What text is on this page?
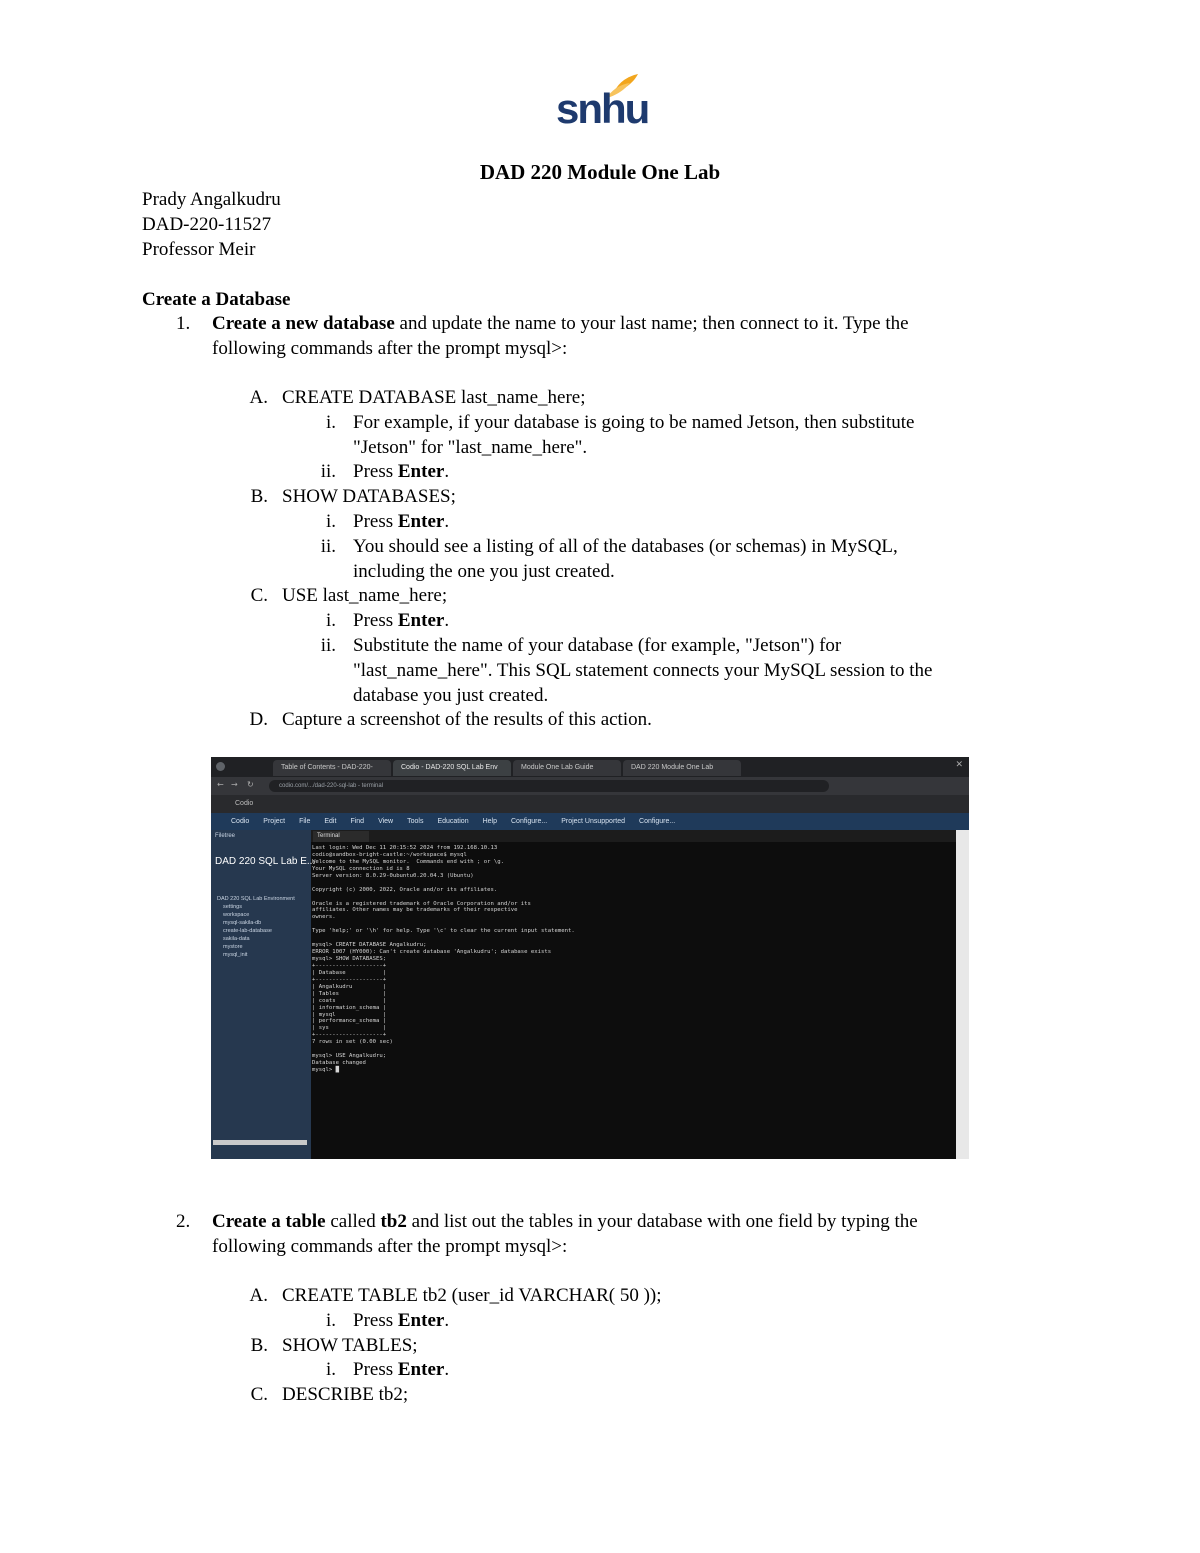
snhu
DAD 220 Module One Lab
Prady Angalkudru
DAD-220-11527
Professor Meir
Create a Database
1. Create a new database and update the name to your last name; then connect to it. Type the
following commands after the prompt mysql>:
A. CREATE DATABASE last_name_here;
i. For example, if your database is going to be named Jetson, then substitute
"Jetson" for "last_name_here".
ii. Press Enter.
B. SHOW DATABASES;
i. Press Enter.
ii. You should see a listing of all of the databases (or schemas) in MySQL,
including the one you just created.
C. USE last_name_here;
i. Press Enter.
ii. Substitute the name of your database (for example, "Jetson") for
"last_name_here". This SQL statement connects your MySQL session to the
database you just created.
D. Capture a screenshot of the results of this action.
Table of Contents - DAD-220-	Codio - DAD-220 SQL Lab Env	Module One Lab Guide	DAD 220 Module One Lab	✕
← → ↻	codio.com/.../dad-220-sql-lab - terminal
Codio
Codio Project File Edit Find View Tools Education Help Configure... Project Unsupported Configure...
Filetree
DAD 220 SQL Lab E...
DAD 220 SQL Lab Environment
settings
workspace
mysql-sakila-db
create-lab-database
sakila-data
mystore
mysql_init
Terminal
Last login: Wed Dec 11 20:15:52 2024 from 192.168.10.13
codio@sandbox-bright-castle:~/workspace$ mysql
Welcome to the MySQL monitor.  Commands end with ; or \g.
Your MySQL connection id is 8
Server version: 8.0.29-0ubuntu0.20.04.3 (Ubuntu)
Copyright (c) 2000, 2022, Oracle and/or its affiliates.
Oracle is a registered trademark of Oracle Corporation and/or its
affiliates. Other names may be trademarks of their respective
owners.
Type 'help;' or '\h' for help. Type '\c' to clear the current input statement.
mysql> CREATE DATABASE Angalkudru;
ERROR 1007 (HY000): Can't create database 'Angalkudru'; database exists
mysql> SHOW DATABASES;
+--------------------+
| Database           |
+--------------------+
| Angalkudru         |
| Tables             |
| coats              |
| information_schema |
| mysql              |
| performance_schema |
| sys                |
+--------------------+
7 rows in set (0.00 sec)
mysql> USE Angalkudru;
Database changed
mysql> █
2. Create a table called tb2 and list out the tables in your database with one field by typing the
following commands after the prompt mysql>:
A. CREATE TABLE tb2 (user_id VARCHAR( 50 ));
i. Press Enter.
B. SHOW TABLES;
i. Press Enter.
C. DESCRIBE tb2;
